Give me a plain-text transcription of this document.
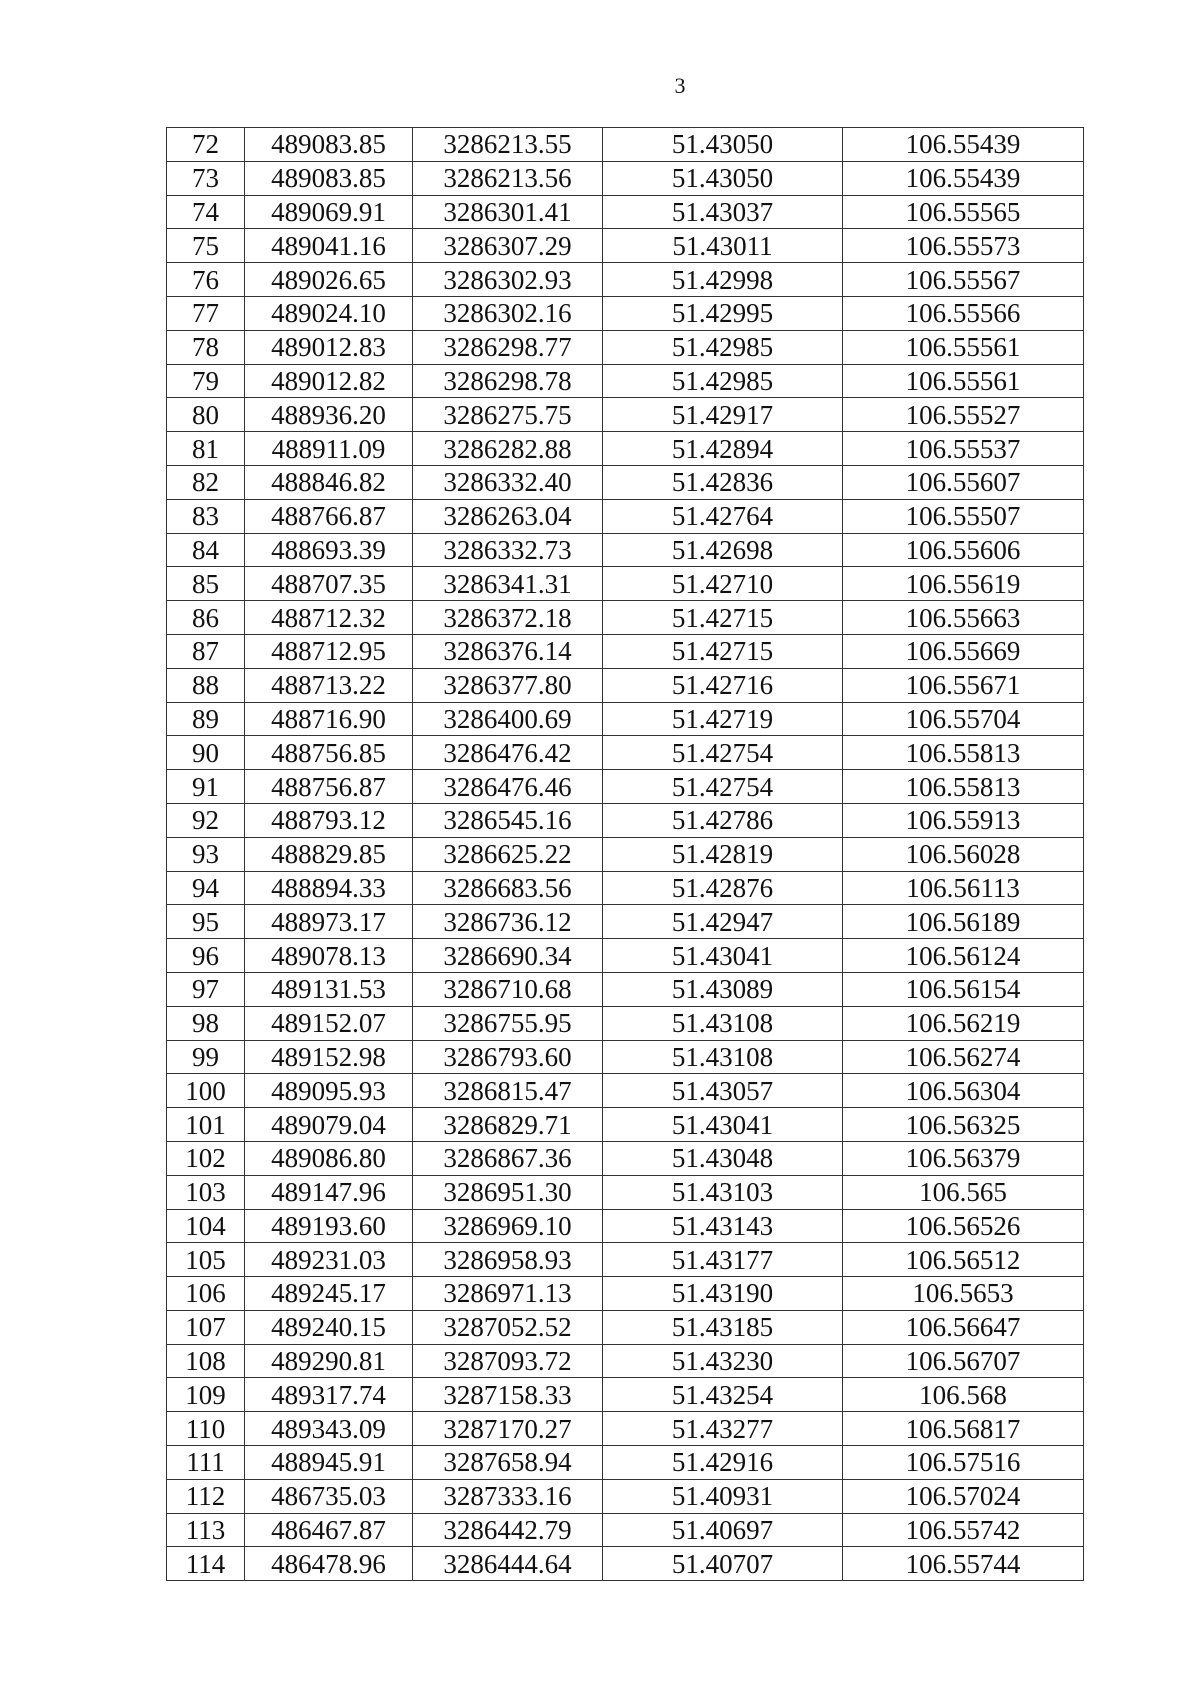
3
72	489083.85	3286213.55	51.43050	106.55439
73	489083.85	3286213.56	51.43050	106.55439
74	489069.91	3286301.41	51.43037	106.55565
75	489041.16	3286307.29	51.43011	106.55573
76	489026.65	3286302.93	51.42998	106.55567
77	489024.10	3286302.16	51.42995	106.55566
78	489012.83	3286298.77	51.42985	106.55561
79	489012.82	3286298.78	51.42985	106.55561
80	488936.20	3286275.75	51.42917	106.55527
81	488911.09	3286282.88	51.42894	106.55537
82	488846.82	3286332.40	51.42836	106.55607
83	488766.87	3286263.04	51.42764	106.55507
84	488693.39	3286332.73	51.42698	106.55606
85	488707.35	3286341.31	51.42710	106.55619
86	488712.32	3286372.18	51.42715	106.55663
87	488712.95	3286376.14	51.42715	106.55669
88	488713.22	3286377.80	51.42716	106.55671
89	488716.90	3286400.69	51.42719	106.55704
90	488756.85	3286476.42	51.42754	106.55813
91	488756.87	3286476.46	51.42754	106.55813
92	488793.12	3286545.16	51.42786	106.55913
93	488829.85	3286625.22	51.42819	106.56028
94	488894.33	3286683.56	51.42876	106.56113
95	488973.17	3286736.12	51.42947	106.56189
96	489078.13	3286690.34	51.43041	106.56124
97	489131.53	3286710.68	51.43089	106.56154
98	489152.07	3286755.95	51.43108	106.56219
99	489152.98	3286793.60	51.43108	106.56274
100	489095.93	3286815.47	51.43057	106.56304
101	489079.04	3286829.71	51.43041	106.56325
102	489086.80	3286867.36	51.43048	106.56379
103	489147.96	3286951.30	51.43103	106.565
104	489193.60	3286969.10	51.43143	106.56526
105	489231.03	3286958.93	51.43177	106.56512
106	489245.17	3286971.13	51.43190	106.5653
107	489240.15	3287052.52	51.43185	106.56647
108	489290.81	3287093.72	51.43230	106.56707
109	489317.74	3287158.33	51.43254	106.568
110	489343.09	3287170.27	51.43277	106.56817
111	488945.91	3287658.94	51.42916	106.57516
112	486735.03	3287333.16	51.40931	106.57024
113	486467.87	3286442.79	51.40697	106.55742
114	486478.96	3286444.64	51.40707	106.55744
